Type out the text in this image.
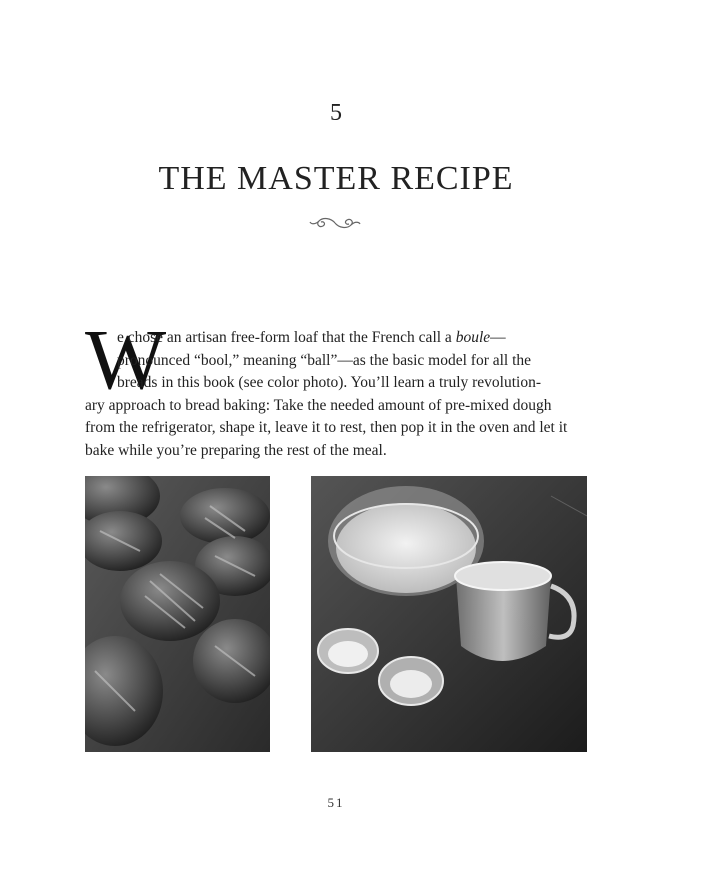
5
THE MASTER RECIPE
W
e chose an artisan free-form loaf that the French call a boule—
pronounced “bool,” meaning “ball”—as the basic model for all the
breads in this book (see color photo). You’ll learn a truly revolution-
ary approach to bread baking: Take the needed amount of pre-mixed dough
from the refrigerator, shape it, leave it to rest, then pop it in the oven and let it
bake while you’re preparing the rest of the meal.
51
